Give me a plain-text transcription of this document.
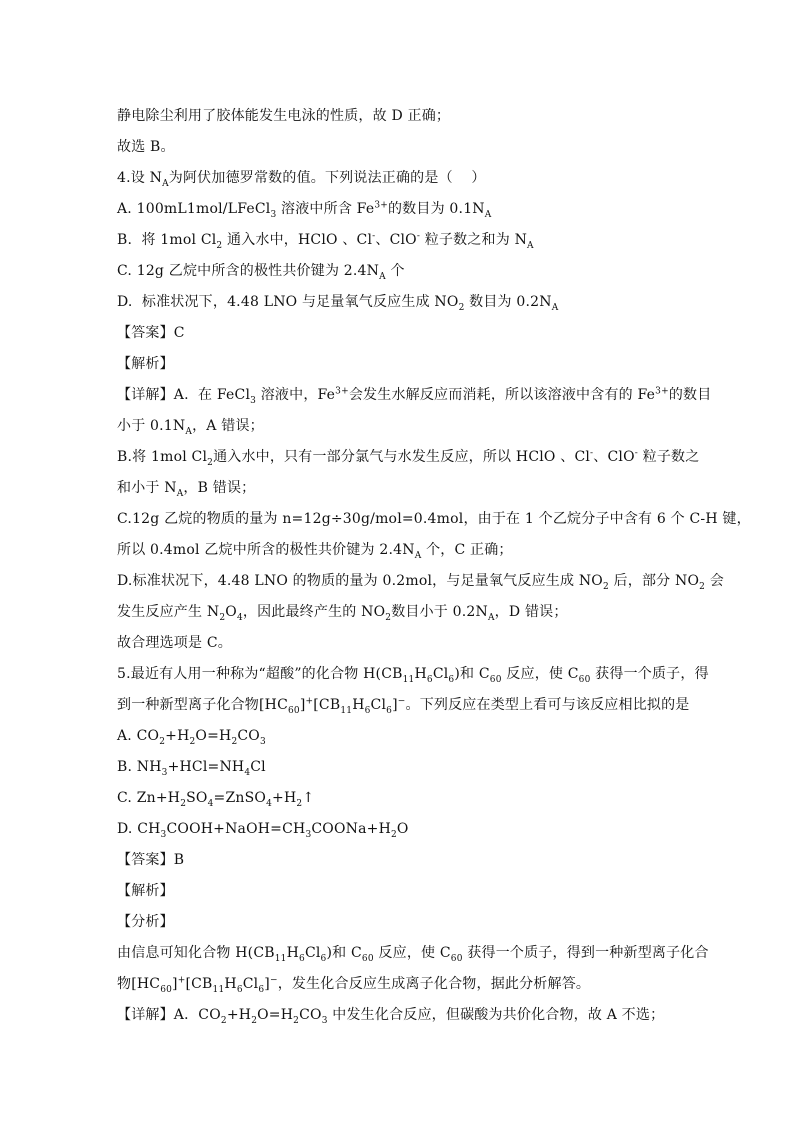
静电除尘利用了胶体能发生电泳的性质，故 D 正确；
故选 B。
4.设 $N_A$为阿伏加德罗常数的值。下列说法正确的是（    ）
A. 100mL1mol/LFeCl$_3$ 溶液中所含 $Fe^{3+}$的数目为 $0.1N_A$
B.  将 1mol $Cl_2$ 通入水中，HClO 、Cl-、ClO- 粒子数之和为 $N_A$
C. 12g 乙烷中所含的极性共价键为 $2.4N_A$ 个
D.  标准状况下，4.48 LNO 与足量氧气反应生成 $NO_2$ 数目为 $0.2N_A$
【答案】C
【解析】
【详解】A.  在 FeCl$_3$ 溶液中，$Fe^{3+}$会发生水解反应而消耗，所以该溶液中含有的 $Fe^{3+}$的数目
小于 $0.1N_A$，A 错误；
B.将 1mol $Cl_2$通入水中，只有一部分氯气与水发生反应，所以 HClO 、Cl-、ClO- 粒子数之
和小于 $N_A$，B 错误；
C.12g 乙烷的物质的量为 n=12g÷30g/mol=0.4mol，由于在 1 个乙烷分子中含有 6 个 C-H 键，
所以 0.4mol 乙烷中所含的极性共价键为 $2.4N_A$ 个，C 正确；
D.标准状况下，4.48 LNO 的物质的量为 0.2mol，与足量氧气反应生成 $NO_2$ 后，部分 $NO_2$ 会
发生反应产生 $N_2O_4$，因此最终产生的 $NO_2$数目小于 $0.2N_A$，D 错误；
故合理选项是 C。
5.最近有人用一种称为“超酸”的化合物 $H(CB_{11}H_6Cl_6)$和 $C_{60}$ 反应，使 $C_{60}$ 获得一个质子，得
到一种新型离子化合物$[HC_{60}]^+[CB_{11}H_6Cl_6]^-$。下列反应在类型上看可与该反应相比拟的是
A. $CO_2+H_2O=H_2CO_3$
B. $NH_3+HCl=NH_4Cl$
C. $Zn+H_2SO_4=ZnSO_4+H_2↑$
D. $CH_3COOH+NaOH=CH_3COONa+H_2O$
【答案】B
【解析】
【分析】
由信息可知化合物 $H(CB_{11}H_6Cl_6)$和 $C_{60}$ 反应，使 $C_{60}$ 获得一个质子，得到一种新型离子化合
物$[HC_{60}]^+[CB_{11}H_6Cl_6]^-$，发生化合反应生成离子化合物，据此分析解答。
【详解】A．$CO_2+H_2O=H_2CO_3$ 中发生化合反应，但碳酸为共价化合物，故 A 不选；
